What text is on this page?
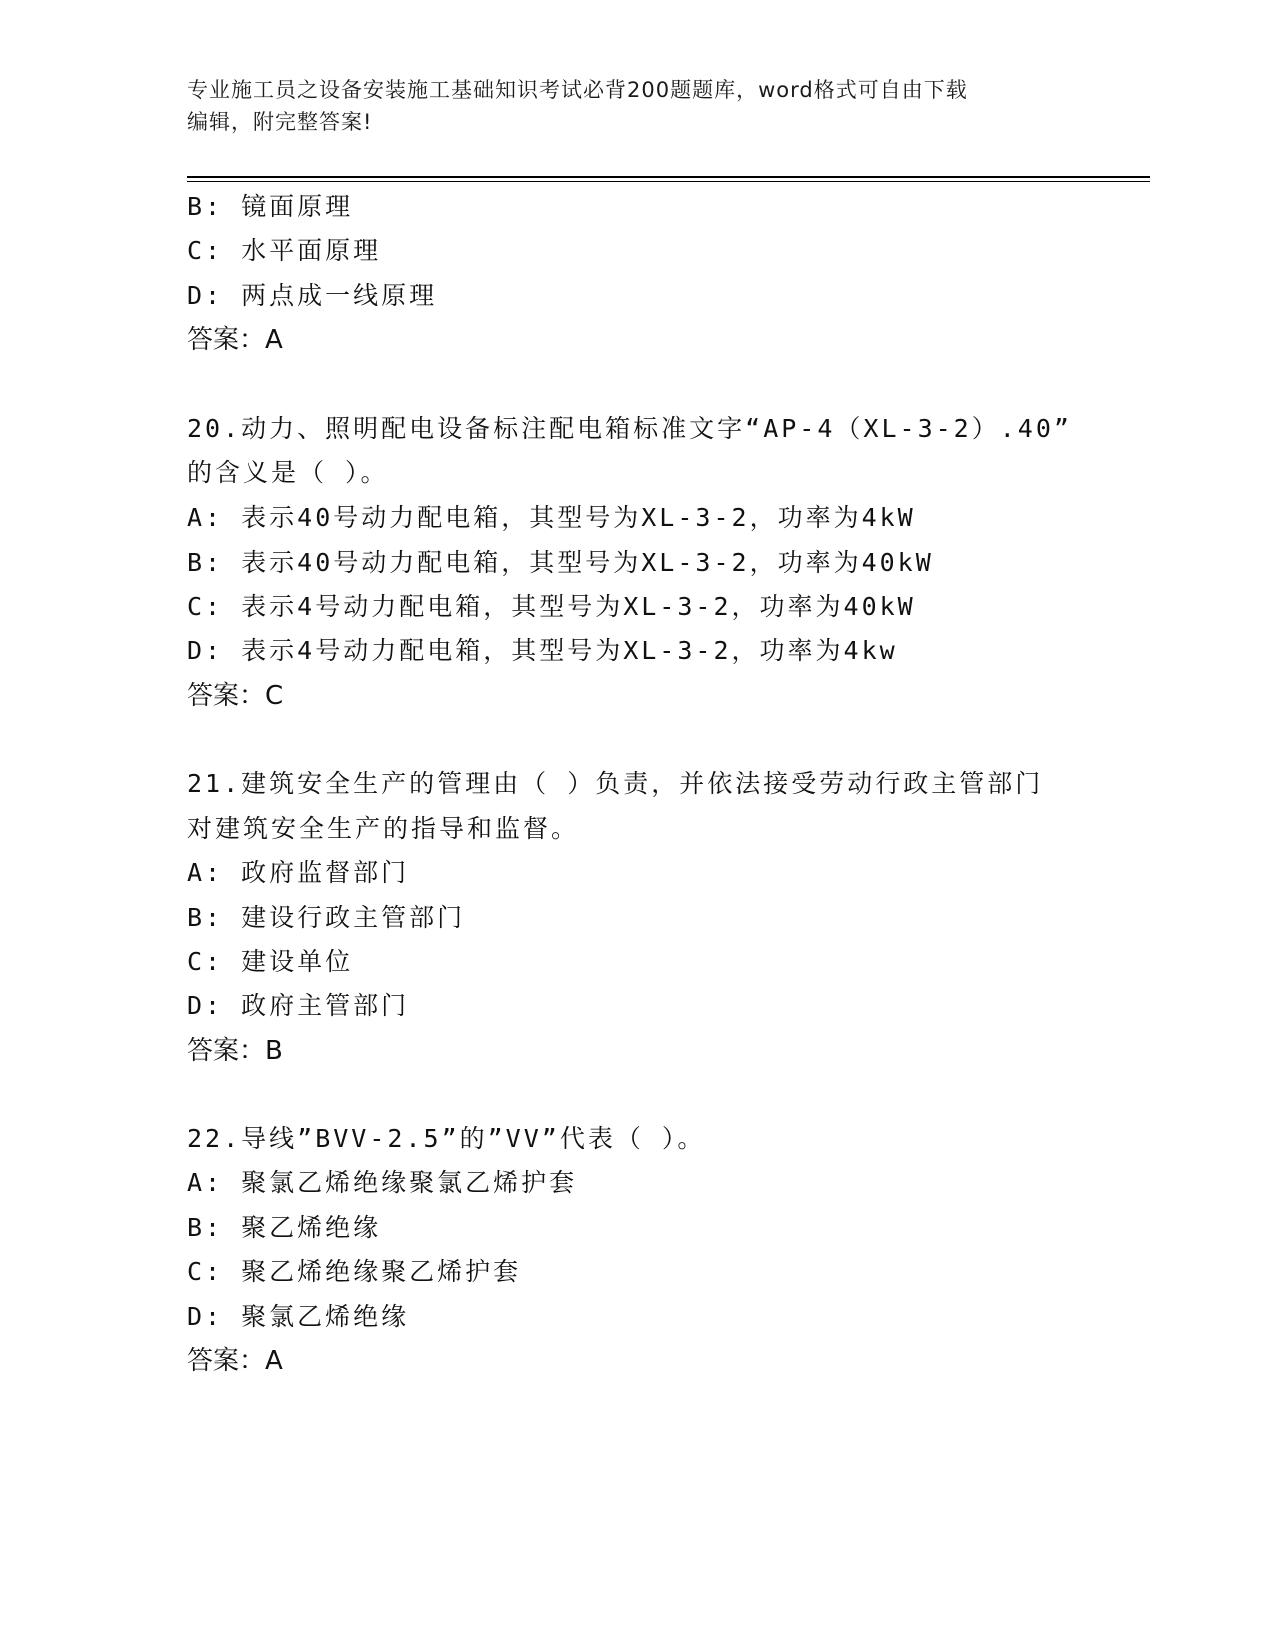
专业施工员之设备安装施工基础知识考试必背200题题库，word格式可自由下载
编辑，附完整答案!
B: 镜面原理
C: 水平面原理
D: 两点成一线原理
答案：A
20.动力、照明配电设备标注配电箱标准文字“AP-4（XL-3-2）.40”
的含义是（ ）。
A: 表示40号动力配电箱，其型号为XL-3-2，功率为4kW
B: 表示40号动力配电箱，其型号为XL-3-2，功率为40kW
C: 表示4号动力配电箱，其型号为XL-3-2，功率为40kW
D: 表示4号动力配电箱，其型号为XL-3-2，功率为4kw
答案：C
21.建筑安全生产的管理由（ ）负责，并依法接受劳动行政主管部门
对建筑安全生产的指导和监督。
A: 政府监督部门
B: 建设行政主管部门
C: 建设单位
D: 政府主管部门
答案：B
22.导线”BVV-2.5”的”VV”代表（ ）。
A: 聚氯乙烯绝缘聚氯乙烯护套
B: 聚乙烯绝缘
C: 聚乙烯绝缘聚乙烯护套
D: 聚氯乙烯绝缘
答案：A
